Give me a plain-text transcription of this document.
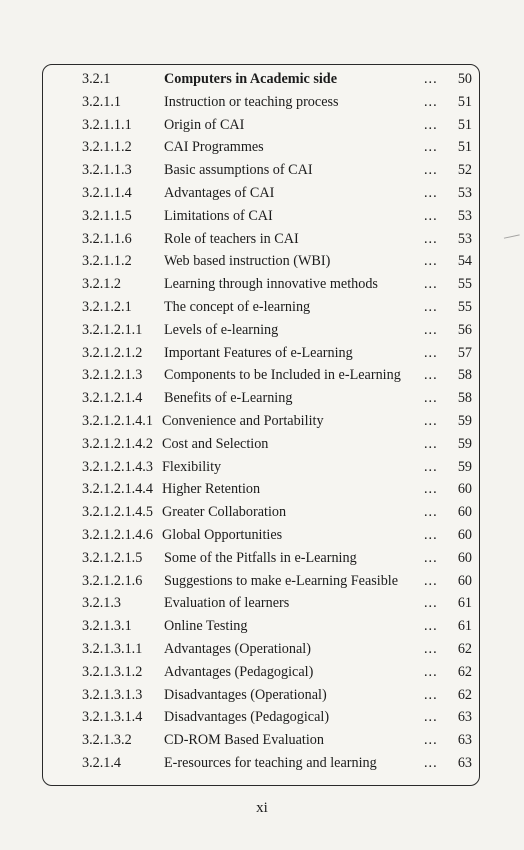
3.2.1	Computers in Academic side	... 50
3.2.1.1	Instruction or teaching process	... 51
3.2.1.1.1 Origin of CAI	... 51
3.2.1.1.2 CAI Programmes	... 51
3.2.1.1.3 Basic assumptions of CAI	... 52
3.2.1.1.4 Advantages of CAI	... 53
3.2.1.1.5 Limitations of CAI	... 53
3.2.1.1.6 Role of teachers in CAI	... 53
3.2.1.1.2 Web based instruction (WBI)	... 54
3.2.1.2	Learning through innovative methods	... 55
3.2.1.2.1 The concept of e-learning	... 55
3.2.1.2.1.1 Levels of e-learning	... 56
3.2.1.2.1.2 Important Features of e-Learning	... 57
3.2.1.2.1.3 Components to be Included in e-Learning ... 58
3.2.1.2.1.4 Benefits of e-Learning	... 58
3.2.1.2.1.4.1 Convenience and Portability	... 59
3.2.1.2.1.4.2 Cost and Selection	... 59
3.2.1.2.1.4.3 Flexibility	... 59
3.2.1.2.1.4.4 Higher Retention	... 60
3.2.1.2.1.4.5 Greater Collaboration	... 60
3.2.1.2.1.4.6 Global Opportunities	... 60
3.2.1.2.1.5 Some of the Pitfalls in e-Learning	... 60
3.2.1.2.1.6 Suggestions to make e-Learning Feasible ... 60
3.2.1.3	Evaluation of learners	... 61
3.2.1.3.1 Online Testing	... 61
3.2.1.3.1.1 Advantages (Operational)	... 62
3.2.1.3.1.2 Advantages (Pedagogical)	... 62
3.2.1.3.1.3 Disadvantages (Operational)	... 62
3.2.1.3.1.4 Disadvantages (Pedagogical)	... 63
3.2.1.3.2 CD-ROM Based Evaluation	... 63
3.2.1.4	E-resources for teaching and learning	... 63
xi
